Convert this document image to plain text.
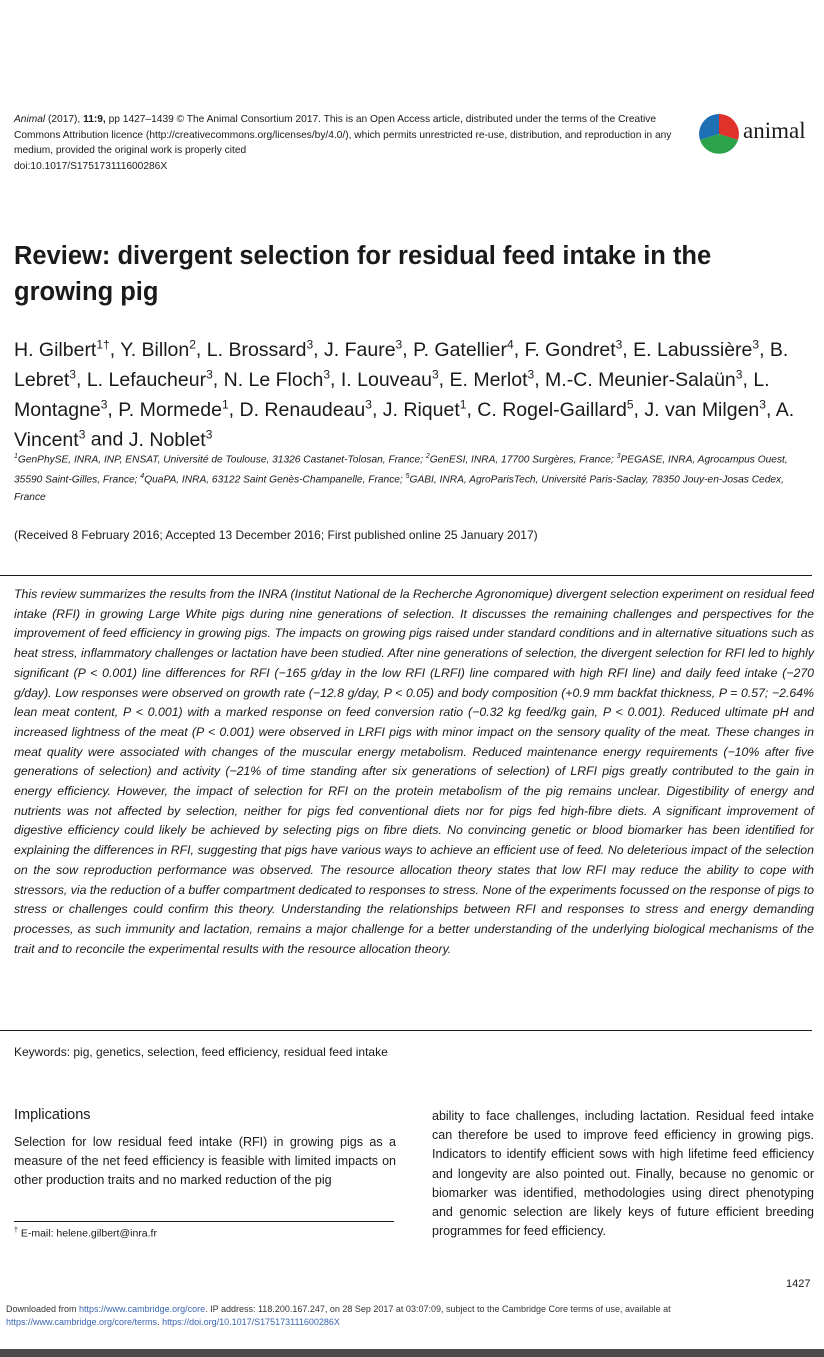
Animal (2017), 11:9, pp 1427–1439 © The Animal Consortium 2017. This is an Open Access article, distributed under the terms of the Creative Commons Attribution licence (http://creativecommons.org/licenses/by/4.0/), which permits unrestricted re-use, distribution, and reproduction in any medium, provided the original work is properly cited
doi:10.1017/S175173111600286X
animal
Review: divergent selection for residual feed intake in the growing pig
H. Gilbert$^{1\dagger}$, Y. Billon$^2$, L. Brossard$^3$, J. Faure$^3$, P. Gatellier$^4$, F. Gondret$^3$, E. Labussière$^3$, B. Lebret$^3$, L. Lefaucheur$^3$, N. Le Floch$^3$, I. Louveau$^3$, E. Merlot$^3$, M.-C. Meunier-Salaün$^3$, L. Montagne$^3$, P. Mormede$^1$, D. Renaudeau$^3$, J. Riquet$^1$, C. Rogel-Gaillard$^5$, J. van Milgen$^3$, A. Vincent$^3$ and J. Noblet$^3$
$^1$GenPhySE, INRA, INP, ENSAT, Université de Toulouse, 31326 Castanet-Tolosan, France; $^2$GenESI, INRA, 17700 Surgères, France; $^3$PEGASE, INRA, Agrocampus Ouest, 35590 Saint-Gilles, France; $^4$QuaPA, INRA, 63122 Saint Genès-Champanelle, France; $^5$GABI, INRA, AgroParisTech, Université Paris-Saclay, 78350 Jouy-en-Josas Cedex, France
(Received 8 February 2016; Accepted 13 December 2016; First published online 25 January 2017)
This review summarizes the results from the INRA (Institut National de la Recherche Agronomique) divergent selection experiment on residual feed intake (RFI) in growing Large White pigs during nine generations of selection. It discusses the remaining challenges and perspectives for the improvement of feed efficiency in growing pigs. The impacts on growing pigs raised under standard conditions and in alternative situations such as heat stress, inflammatory challenges or lactation have been studied. After nine generations of selection, the divergent selection for RFI led to highly significant (P < 0.001) line differences for RFI (−165 g/day in the low RFI (LRFI) line compared with high RFI line) and daily feed intake (−270 g/day). Low responses were observed on growth rate (−12.8 g/day, P < 0.05) and body composition (+0.9 mm backfat thickness, P = 0.57; −2.64% lean meat content, P < 0.001) with a marked response on feed conversion ratio (−0.32 kg feed/kg gain, P < 0.001). Reduced ultimate pH and increased lightness of the meat (P < 0.001) were observed in LRFI pigs with minor impact on the sensory quality of the meat. These changes in meat quality were associated with changes of the muscular energy metabolism. Reduced maintenance energy requirements (−10% after five generations of selection) and activity (−21% of time standing after six generations of selection) of LRFI pigs greatly contributed to the gain in energy efficiency. However, the impact of selection for RFI on the protein metabolism of the pig remains unclear. Digestibility of energy and nutrients was not affected by selection, neither for pigs fed conventional diets nor for pigs fed high-fibre diets. A significant improvement of digestive efficiency could likely be achieved by selecting pigs on fibre diets. No convincing genetic or blood biomarker has been identified for explaining the differences in RFI, suggesting that pigs have various ways to achieve an efficient use of feed. No deleterious impact of the selection on the sow reproduction performance was observed. The resource allocation theory states that low RFI may reduce the ability to cope with stressors, via the reduction of a buffer compartment dedicated to responses to stress. None of the experiments focussed on the response of pigs to stress or challenges could confirm this theory. Understanding the relationships between RFI and responses to stress and energy demanding processes, as such immunity and lactation, remains a major challenge for a better understanding of the underlying biological mechanisms of the trait and to reconcile the experimental results with the resource allocation theory.
Keywords: pig, genetics, selection, feed efficiency, residual feed intake
Implications

Selection for low residual feed intake (RFI) in growing pigs as a measure of the net feed efficiency is feasible with limited impacts on other production traits and no marked reduction of the pig

ability to face challenges, including lactation. Residual feed intake can therefore be used to improve feed efficiency in growing pigs. Indicators to identify efficient sows with high lifetime feed efficiency and longevity are also pointed out. Finally, because no genomic or biomarker was identified, methodologies using direct phenotyping and genomic selection are likely keys of future efficient breeding programmes for feed efficiency.

† E-mail: helene.gilbert@inra.fr
1427
Downloaded from https://www.cambridge.org/core. IP address: 118.200.167.247, on 28 Sep 2017 at 03:07:09, subject to the Cambridge Core terms of use, available at
https://www.cambridge.org/core/terms. https://doi.org/10.1017/S175173111600286X
